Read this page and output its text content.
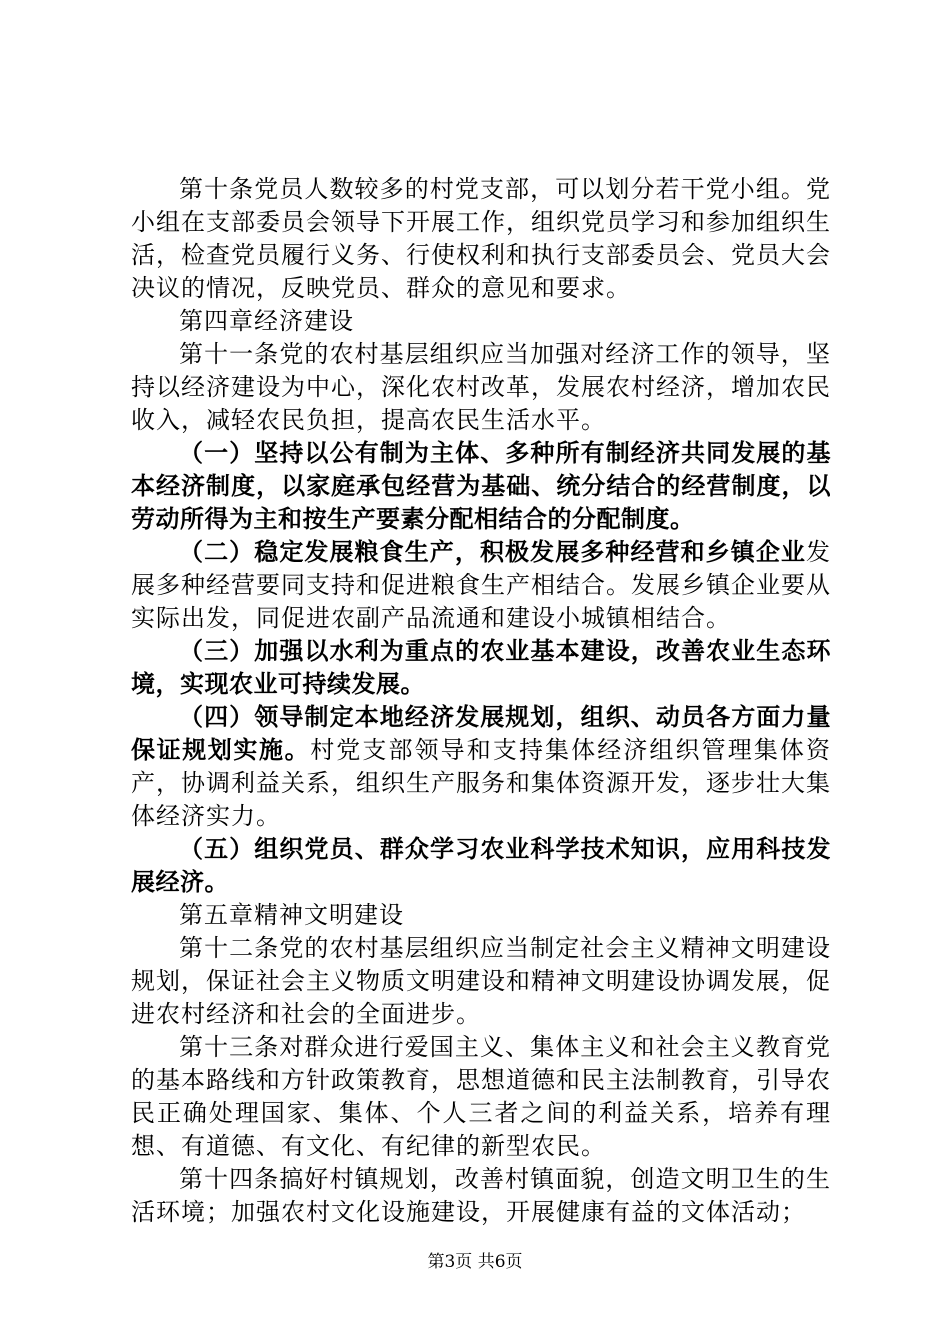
第十条党员人数较多的村党支部，可以划分若干党小组。党小组在支部委员会领导下开展工作，组织党员学习和参加组织生活，检查党员履行义务、行使权利和执行支部委员会、党员大会决议的情况，反映党员、群众的意见和要求。

第四章经济建设

第十一条党的农村基层组织应当加强对经济工作的领导，坚持以经济建设为中心，深化农村改革，发展农村经济，增加农民收入，减轻农民负担，提高农民生活水平。

（一）坚持以公有制为主体、多种所有制经济共同发展的基本经济制度，以家庭承包经营为基础、统分结合的经营制度，以劳动所得为主和按生产要素分配相结合的分配制度。

（二）稳定发展粮食生产，积极发展多种经营和乡镇企业发展多种经营要同支持和促进粮食生产相结合。发展乡镇企业要从实际出发，同促进农副产品流通和建设小城镇相结合。

（三）加强以水利为重点的农业基本建设，改善农业生态环境，实现农业可持续发展。

（四）领导制定本地经济发展规划，组织、动员各方面力量保证规划实施。村党支部领导和支持集体经济组织管理集体资产，协调利益关系，组织生产服务和集体资源开发，逐步壮大集体经济实力。

（五）组织党员、群众学习农业科学技术知识，应用科技发展经济。

第五章精神文明建设

第十二条党的农村基层组织应当制定社会主义精神文明建设规划，保证社会主义物质文明建设和精神文明建设协调发展，促进农村经济和社会的全面进步。

第十三条对群众进行爱国主义、集体主义和社会主义教育党的基本路线和方针政策教育，思想道德和民主法制教育，引导农民正确处理国家、集体、个人三者之间的利益关系，培养有理想、有道德、有文化、有纪律的新型农民。

第十四条搞好村镇规划，改善村镇面貌，创造文明卫生的生活环境；加强农村文化设施建设，开展健康有益的文体活动；

第3页 共6页
